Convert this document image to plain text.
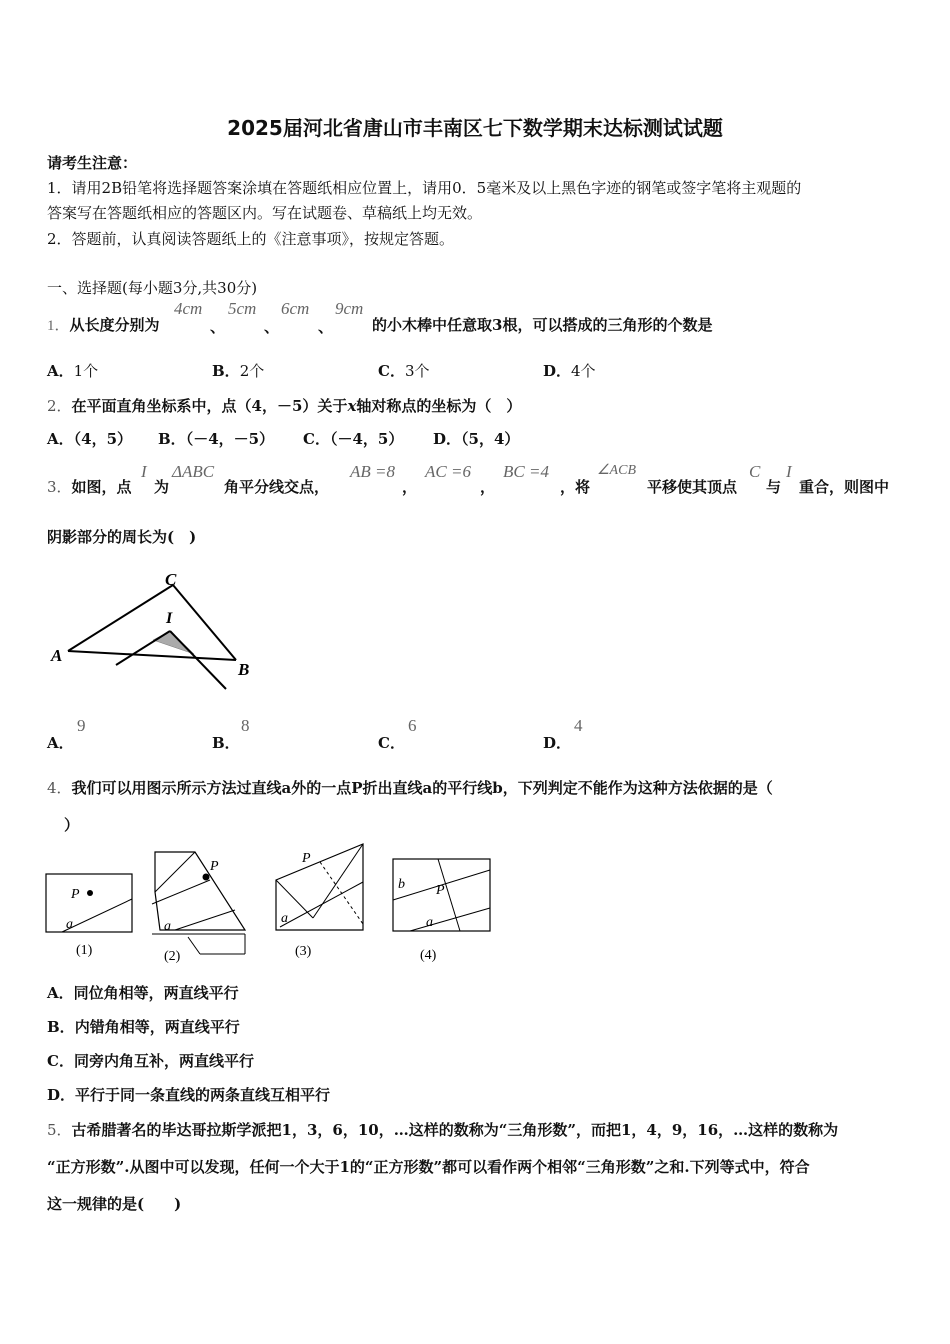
2025届河北省唐山市丰南区七下数学期末达标测试试题
请考生注意：
1．请用2B铅笔将选择题答案涂填在答题纸相应位置上，请用0．5毫米及以上黑色字迹的钢笔或签字笔将主观题的
答案写在答题纸相应的答题区内。写在试题卷、草稿纸上均无效。
2．答题前，认真阅读答题纸上的《注意事项》，按规定答题。
一、选择题(每小题3分,共30分)
1．从长度分别为
4cm
、
5cm
、
6cm
、
9cm
的小木棒中任意取3根，可以搭成的三角形的个数是
A．1个	B．2个	C．3个	D．4个
2．在平面直角坐标系中，点（4，－5）关于x轴对称点的坐标为（　）
A．（4，5） B．（－4，－5） C．（－4，5） D．（5，4）
3．如图，点
I
为
ΔABC
角平分线交点，
AB =8
，
AC =6
，
BC =4
，将
∠ACB
平移使其顶点
C
与
I
重合，则图中
阴影部分的周长为(　)
A
B
C
I
A．
9
B．
8
C．
6
D．
4
4．我们可以用图示所示方法过直线a外的一点P折出直线a的平行线b，下列判定不能作为这种方法依据的是（
）
P
a
(1)
P
a
(2)
P
a
(3)
b P
a
(4)
A．同位角相等，两直线平行
B．内错角相等，两直线平行
C．同旁内角互补，两直线平行
D．平行于同一条直线的两条直线互相平行
5．古希腊著名的毕达哥拉斯学派把1，3，6，10，…这样的数称为“三角形数”，而把1，4，9，16，…这样的数称为
“正方形数”.从图中可以发现，任何一个大于1的“正方形数”都可以看作两个相邻“三角形数”之和.下列等式中，符合
这一规律的是(　　)
